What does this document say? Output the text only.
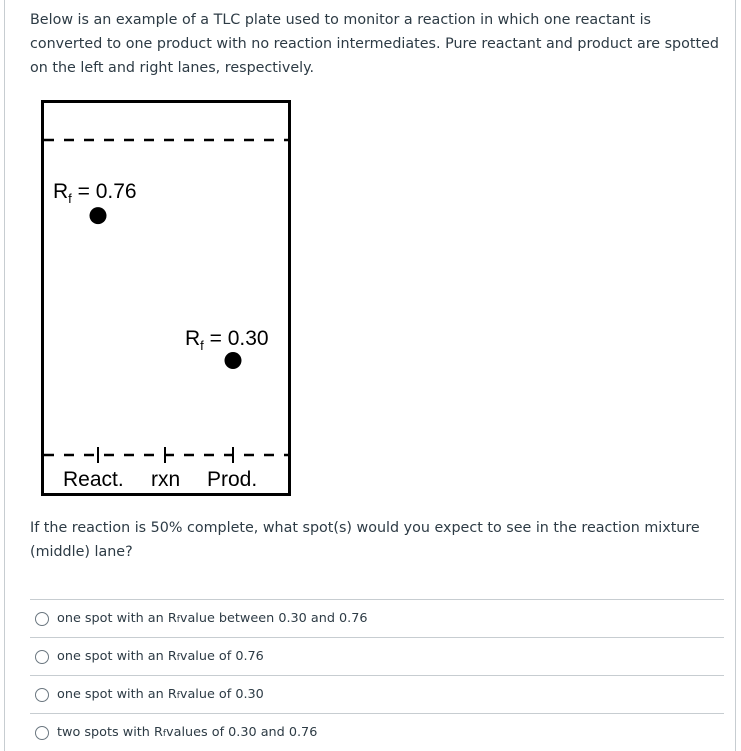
Below is an example of a TLC plate used to monitor a reaction in which one reactant is converted to one product with no reaction intermediates. Pure reactant and product are spotted on the left and right lanes, respectively.

$R_f = 0.76$
$R_f = 0.30$
React. rxn Prod.

If the reaction is 50% complete, what spot(s) would you expect to see in the reaction mixture (middle) lane?

one spot with an R f value between 0.30 and 0.76
one spot with an R f value of 0.76
one spot with an R f value of 0.30
two spots with R f values of 0.30 and 0.76
